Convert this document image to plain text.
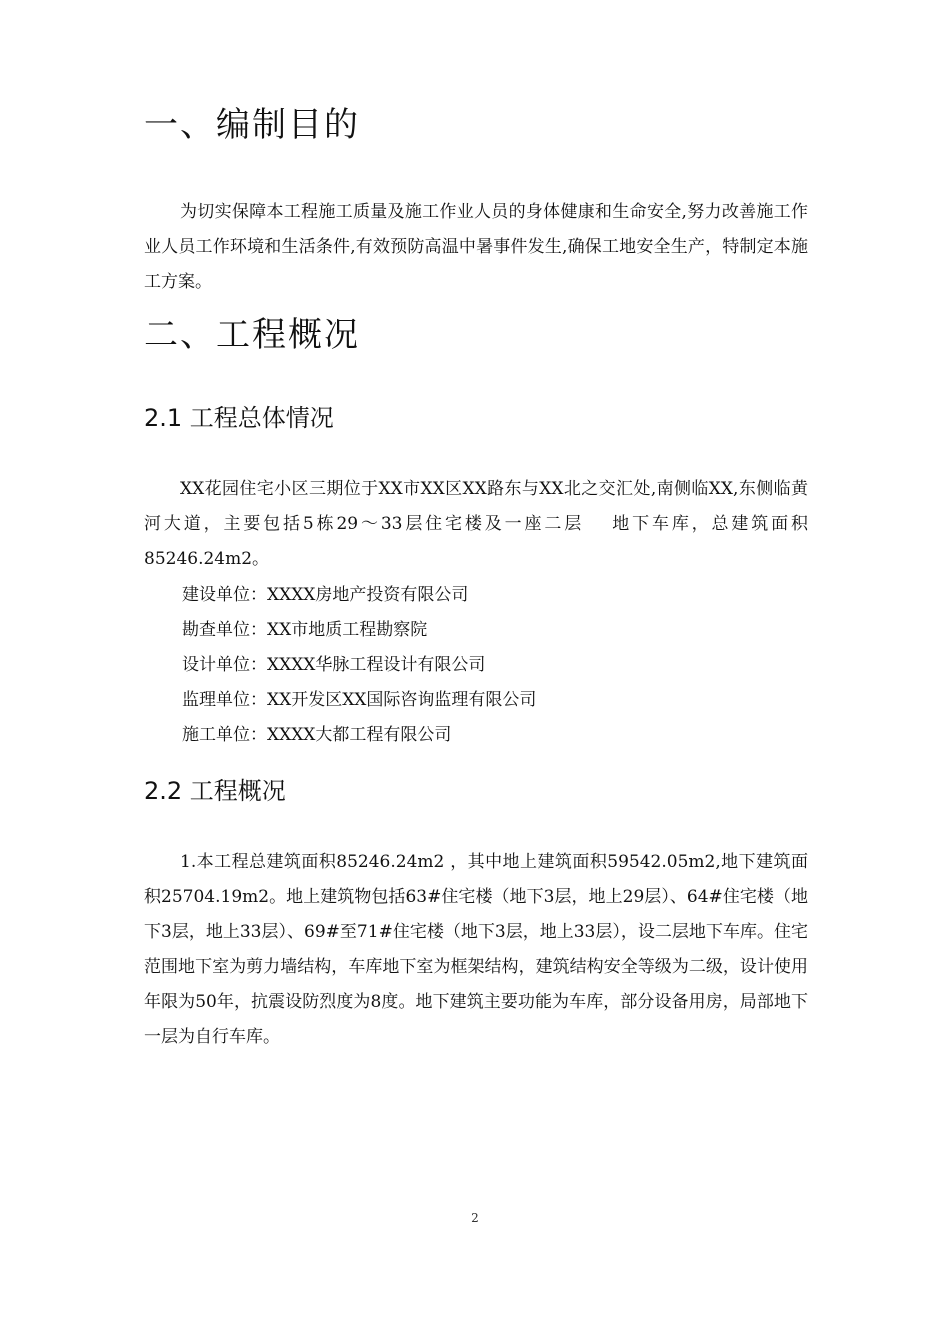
一、编制目的

为切实保障本工程施工质量及施工作业人员的身体健康和生命安全,努力改善施工作业人员工作环境和生活条件,有效预防高温中暑事件发生,确保工地安全生产，特制定本施工方案。

二、工程概况
2.1 工程总体情况

XX花园住宅小区三期位于XX市XX区XX路东与XX北之交汇处,南侧临XX,东侧临黄河大道，主要包括5栋29～33层住宅楼及一座二层　 地下车库，总建筑面积85246.24m2。

建设单位：XXXX房地产投资有限公司
勘查单位：XX市地质工程勘察院
设计单位：XXXX华脉工程设计有限公司
监理单位：XX开发区XX国际咨询监理有限公司
施工单位：XXXX大都工程有限公司
2.2 工程概况

1.本工程总建筑面积85246.24m2 ，其中地上建筑面积59542.05m2,地下建筑面积25704.19m2。地上建筑物包括63#住宅楼（地下3层，地上29层）、64#住宅楼（地下3层，地上33层）、69#至71#住宅楼（地下3层，地上33层），设二层地下车库。住宅范围地下室为剪力墙结构，车库地下室为框架结构，建筑结构安全等级为二级，设计使用年限为50年，抗震设防烈度为8度。地下建筑主要功能为车库，部分设备用房，局部地下一层为自行车库。

2
